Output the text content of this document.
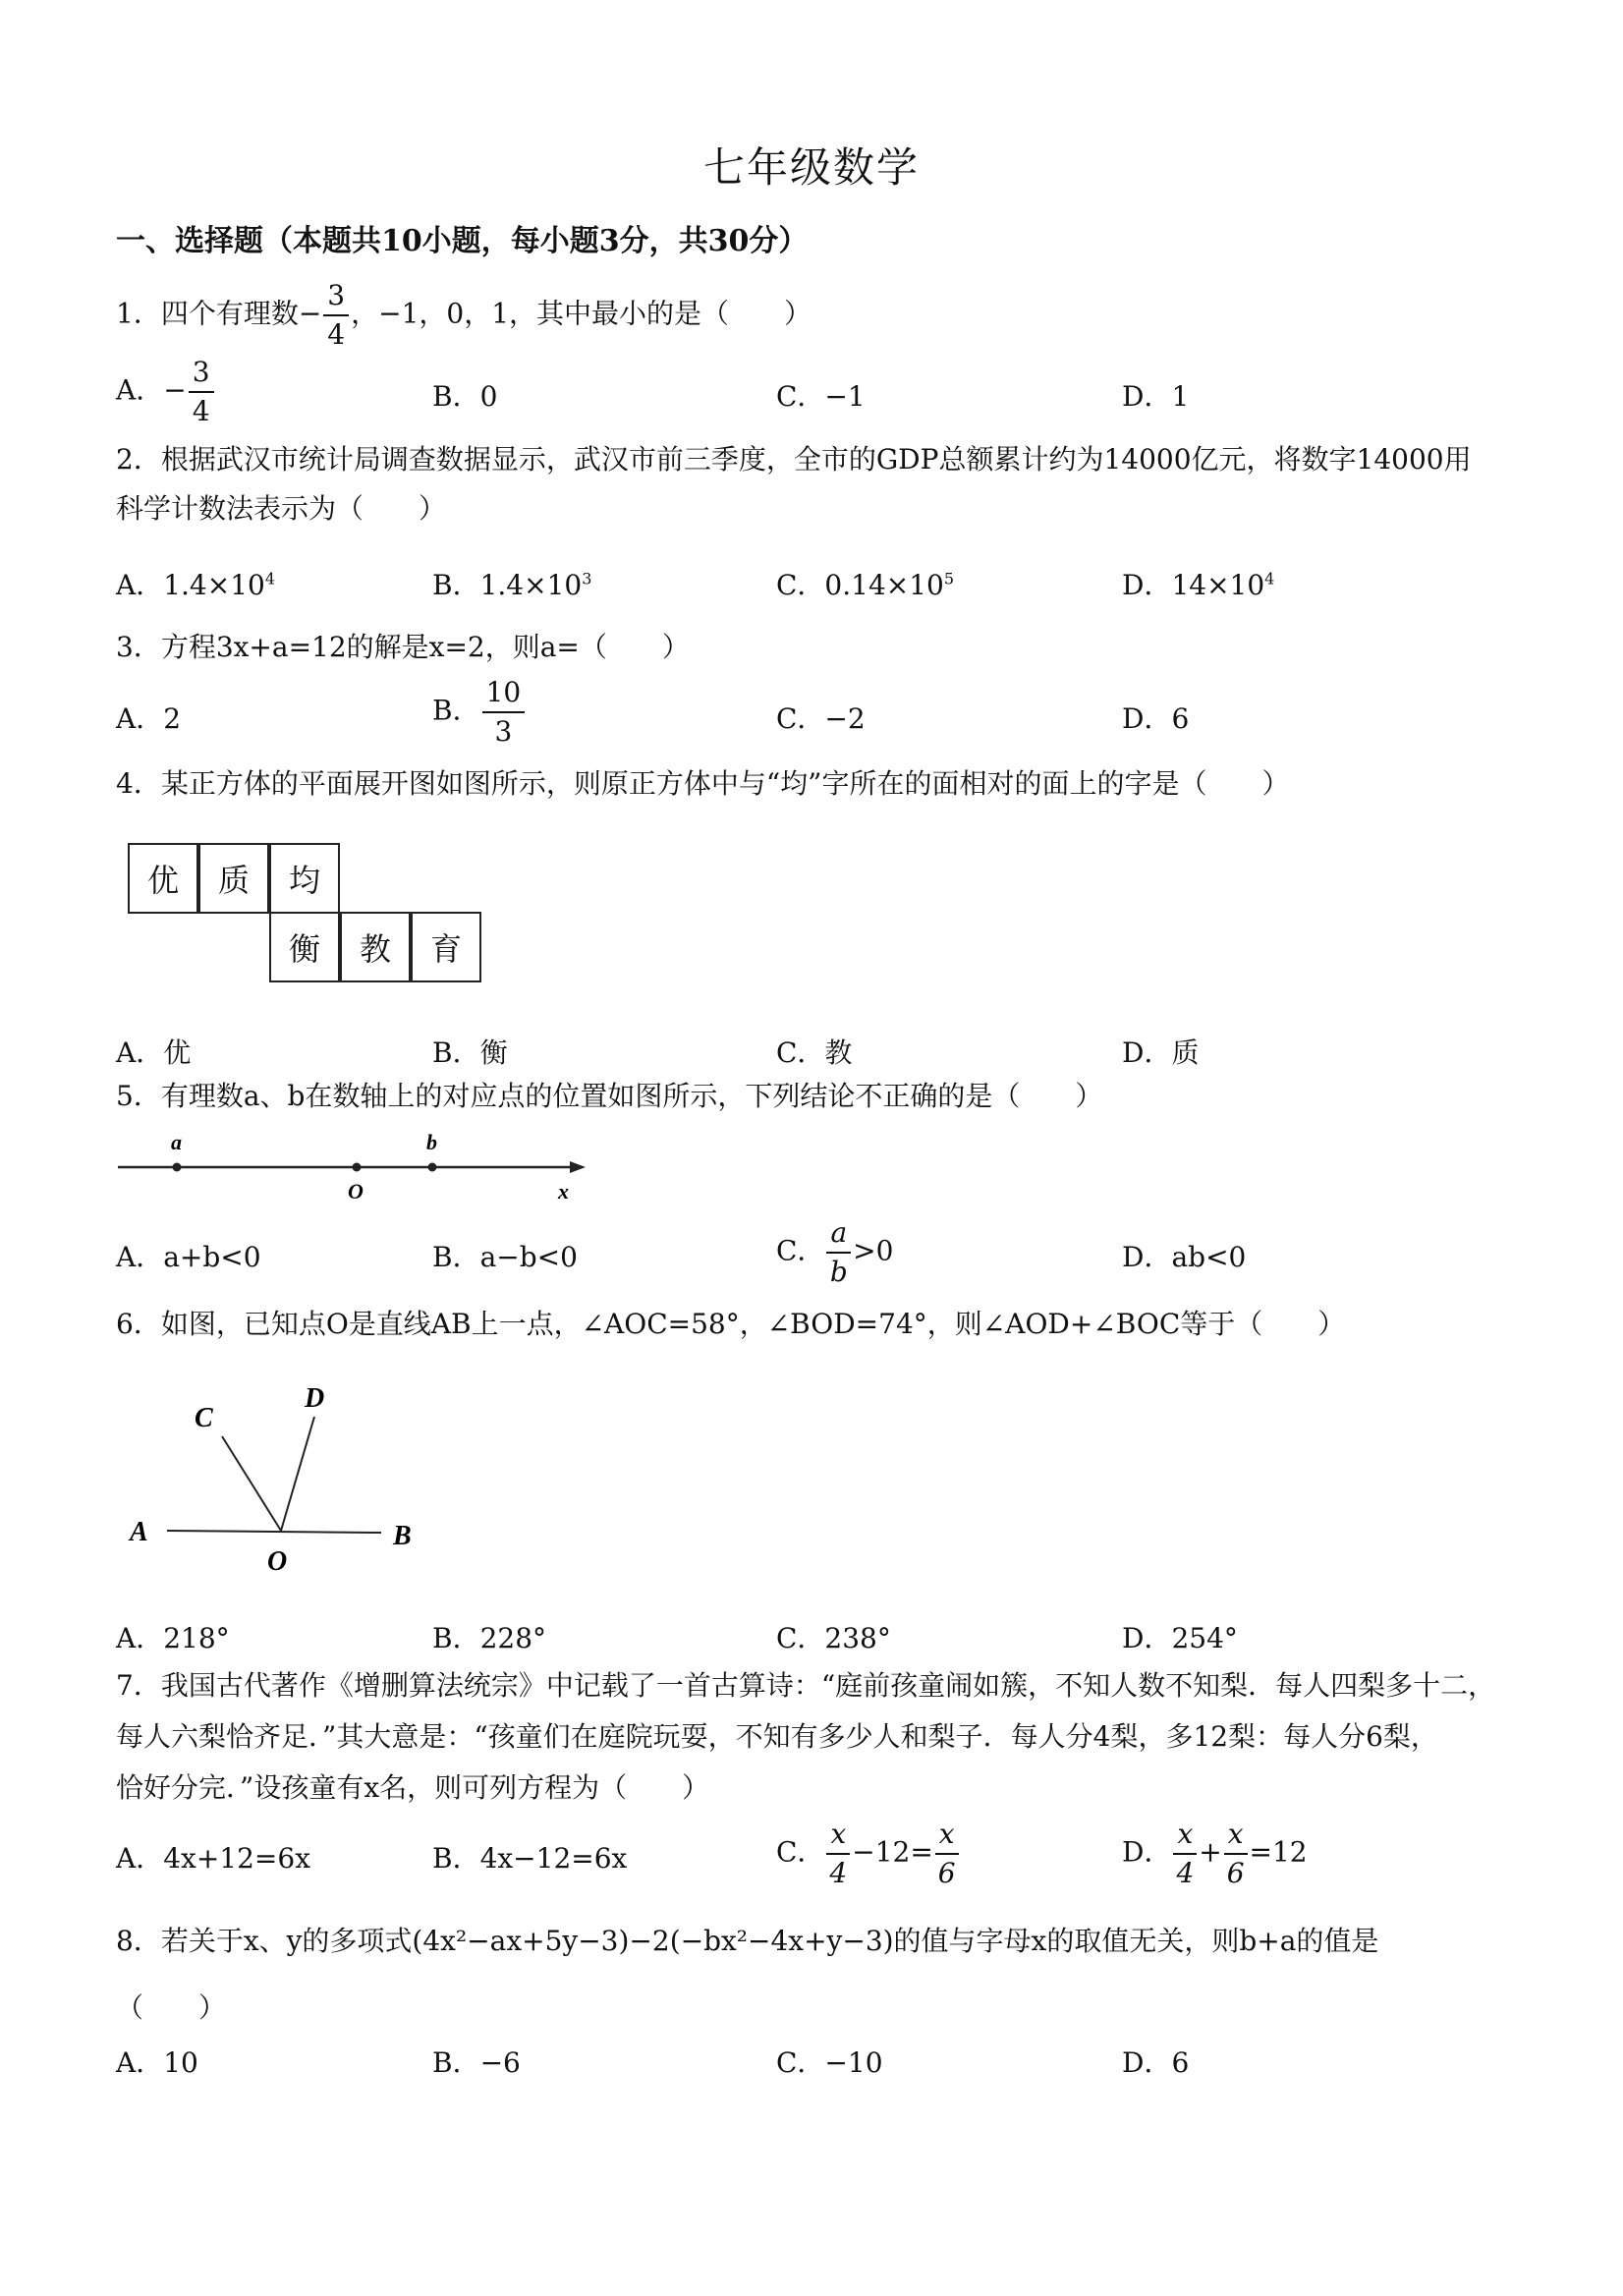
七年级数学
一、选择题（本题共10小题，每小题3分，共30分）
1．四个有理数− $\frac{3}{4}$ ，−1，0，1，其中最小的是（　　）
A．− $\frac{3}{4}$	B．0	C．−1	D．1
2．根据武汉市统计局调查数据显示，武汉市前三季度，全市的GDP总额累计约为14000亿元，将数字14000用
科学计数法表示为（　　）
A．$1.4\times 10^4$	B．$1.4\times 10^3$	C．$0.14\times 10^5$	D．$14\times 10^4$
3．方程3x+a=12的解是x=2，则a=（　　）
A．2	B． $\frac{10}{3}$	C．−2	D．6
4．某正方体的平面展开图如图所示，则原正方体中与“均”字所在的面相对的面上的字是（　　）
优	质	均
衡	教	育
A．优	B．衡	C．教	D．质
5．有理数a、b在数轴上的对应点的位置如图所示，下列结论不正确的是（　　）
a
O
b
x
A．a+b<0	B．a−b<0	C． $\frac{a}{b} >0$	D．ab<0
6．如图，已知点O是直线AB上一点，∠AOC=58°，∠BOD=74°，则∠AOD+∠BOC等于（　　）
A	B
C
D
O
A．218°	B．228°	C．238°	D．254°
7．我国古代著作《增删算法统宗》中记载了一首古算诗：“庭前孩童闹如簇，不知人数不知梨．每人四梨多十二，
每人六梨恰齐足．”其大意是：“孩童们在庭院玩耍，不知有多少人和梨子．每人分4梨，多12梨：每人分6梨，
恰好分完．”设孩童有x名，则可列方程为（　　）
A．4x+12=6x	B．4x−12=6x	C． $\frac{x}{4} -12= \frac{x}{6}$	D． $\frac{x}{4} + \frac{x}{6} =12$
8．若关于x、y的多项式(4x²−ax+5y−3)−2(−bx²−4x+y−3)的值与字母x的取值无关，则b+a的值是
（　　）
A．10	B．−6	C．−10	D．6
